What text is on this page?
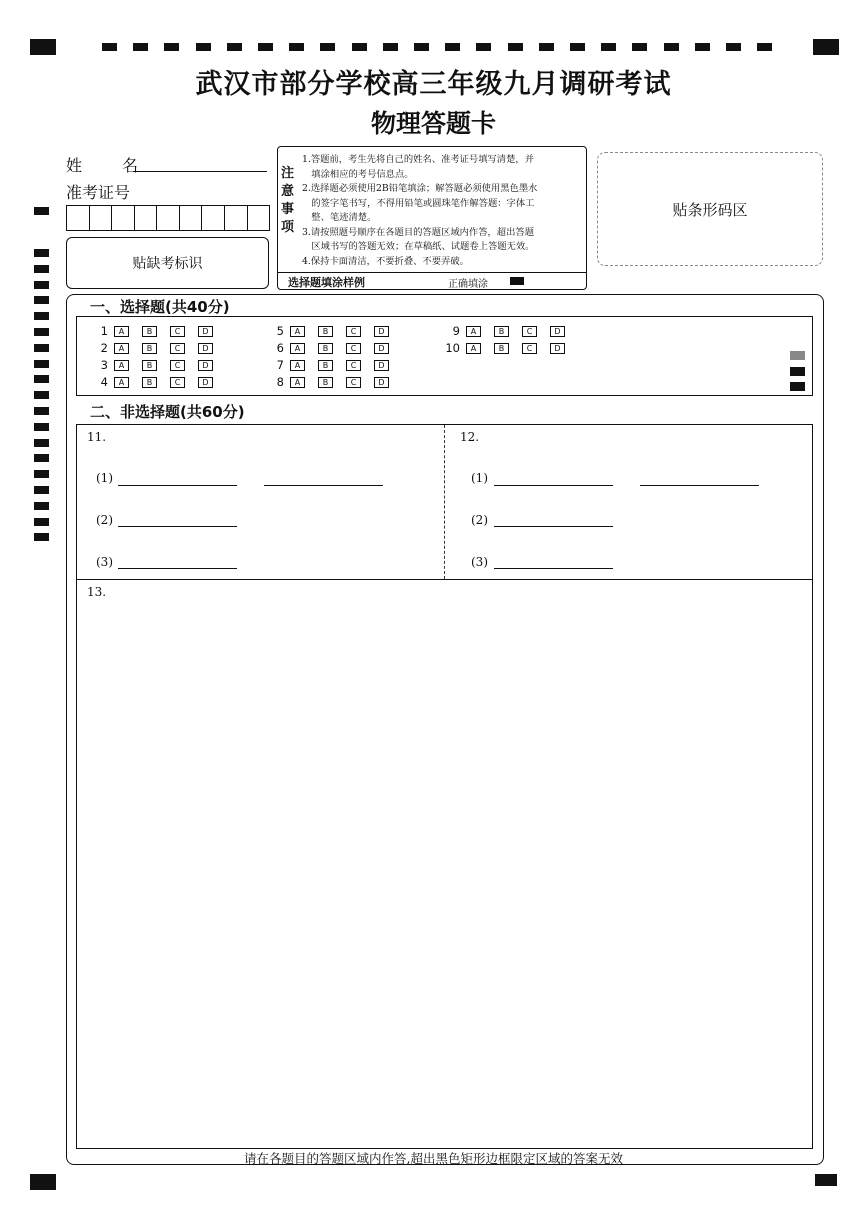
武汉市部分学校高三年级九月调研考试
物理答题卡
姓　名
准考证号
贴缺考标识
注
意
事
项

1.答题前，考生先将自己的姓名、准考证号填写清楚，并

　填涂相应的考号信息点。

2.选择题必须使用2B铅笔填涂；解答题必须使用黑色墨水

　的签字笔书写，不得用铅笔或圆珠笔作解答题：字体工

　整、笔迹清楚。

3.请按照题号顺序在各题目的答题区域内作答，超出答题

　区域书写的答题无效；在草稿纸、试题卷上答题无效。

4.保持卡面清洁，不要折叠、不要弄破。

选择题填涂样例	正确填涂
贴条形码区
一、选择题(共40分)
1	A	B	C	D
2	A	B	C	D
3	A	B	C	D
4	A	B	C	D
5	A	B	C	D
6	A	B	C	D
7	A	B	C	D
8	A	B	C	D
9	A	B	C	D
10	A	B	C	D
二、非选择题(共60分)
11.
(1)
(2)
(3)
12.
(1)
(2)
(3)
13.
请在各题目的答题区域内作答,超出黑色矩形边框限定区域的答案无效
